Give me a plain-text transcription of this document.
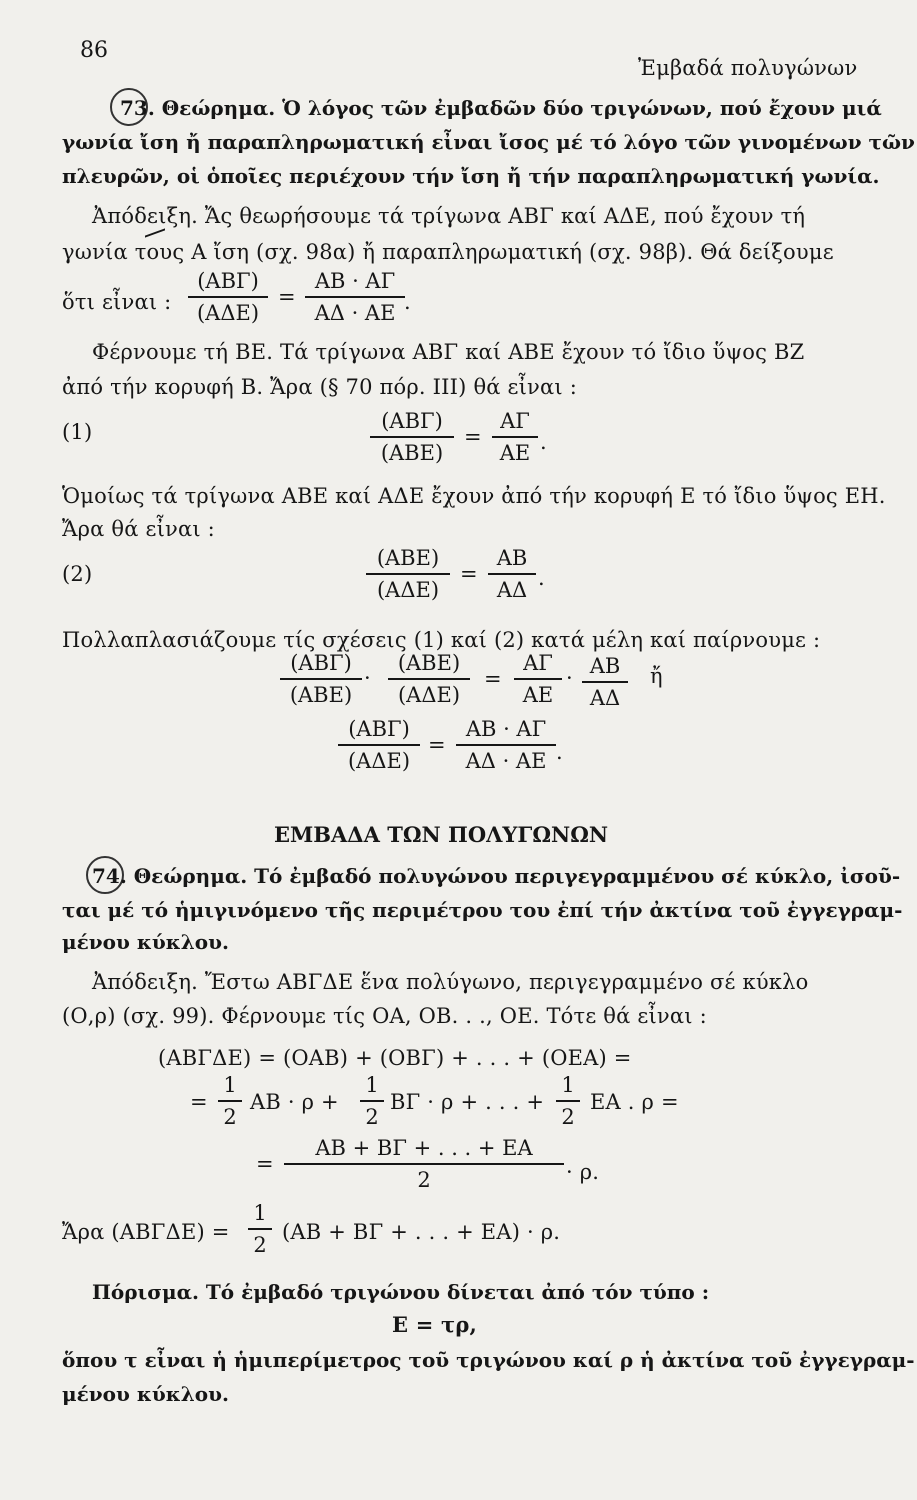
86
Ἐμβαδά πολυγώνων
73. Θεώρημα. Ὁ λόγος τῶν ἐμβαδῶν δύο τριγώνων, πού ἔχουν μιά
γωνία ἴση ἤ παραπληρωματική εἶναι ἴσος μέ τό λόγο τῶν γινομένων τῶν
πλευρῶν, οἱ ὁποῖες περιέχουν τήν ἴση ἤ τήν παραπληρωματική γωνία.
Ἀπόδειξη. Ἄς θεωρήσουμε τά τρίγωνα ΑΒΓ καί ΑΔΕ, πού ἔχουν τή
γωνία τους Α ἴση (σχ. 98α) ἤ παραπληρωματική (σχ. 98β). Θά δείξουμε
ὅτι εἶναι :
(ΑΒΓ)
(ΑΔΕ)
=
ΑΒ · ΑΓ
ΑΔ · ΑΕ .
Φέρνουμε τή ΒΕ. Τά τρίγωνα ΑΒΓ καί ΑΒΕ ἔχουν τό ἴδιο ὕψος ΒΖ
ἀπό τήν κορυφή Β. Ἄρα (§ 70 πόρ. ΙΙΙ) θά εἶναι :
(1)	(ΑΒΓ)
(ΑΒΕ)
=
ΑΓ
ΑΕ .
Ὁμοίως τά τρίγωνα ΑΒΕ καί ΑΔΕ ἔχουν ἀπό τήν κορυφή Ε τό ἴδιο ὕψος ΕΗ.
Ἄρα θά εἶναι :
(2)
(ΑΒΕ)
(ΑΔΕ)
=
ΑΒ
ΑΔ .
Πολλαπλασιάζουμε τίς σχέσεις (1) καί (2) κατά μέλη καί παίρνουμε :
(ΑΒΓ)
(ΑΒΕ)
·
(ΑΒΕ)
(ΑΔΕ)
=
ΑΓ
ΑΕ
· ΑΒ
ΑΔ
ἤ
(ΑΒΓ)
(ΑΔΕ)
=
ΑΒ · ΑΓ
ΑΔ · ΑΕ .
ΕΜΒΑΔΑ ΤΩΝ ΠΟΛΥΓΩΝΩΝ
74. Θεώρημα. Τό ἐμβαδό πολυγώνου περιγεγραμμένου σέ κύκλο, ἰσοῦ-
ται μέ τό ἡμιγινόμενο τῆς περιμέτρου του ἐπί τήν ἀκτίνα τοῦ ἐγγεγραμ-
μένου κύκλου.
Ἀπόδειξη. Ἔστω ΑΒΓΔΕ ἕνα πολύγωνο, περιγεγραμμένο σέ κύκλο
(Ο,ρ) (σχ. 99). Φέρνουμε τίς ΟΑ, ΟΒ. . ., ΟΕ. Τότε θά εἶναι :
(ΑΒΓΔΕ) = (ΟΑΒ) + (ΟΒΓ) + . . . + (ΟΕΑ) =
=
1
2
ΑΒ · ρ +
1
2
ΒΓ · ρ + . . . +
1
2
ΕΑ . ρ =
=
ΑΒ + ΒΓ + . . . + ΕΑ
2	· ρ.
Ἄρα (ΑΒΓΔΕ) =
1
2
(ΑΒ + ΒΓ + . . . + ΕΑ) · ρ.
Πόρισμα. Τό ἐμβαδό τριγώνου δίνεται ἀπό τόν τύπο :
Ε = τρ,
ὅπου τ εἶναι ἡ ἡμιπερίμετρος τοῦ τριγώνου καί ρ ἡ ἀκτίνα τοῦ ἐγγεγραμ-
μένου κύκλου.
